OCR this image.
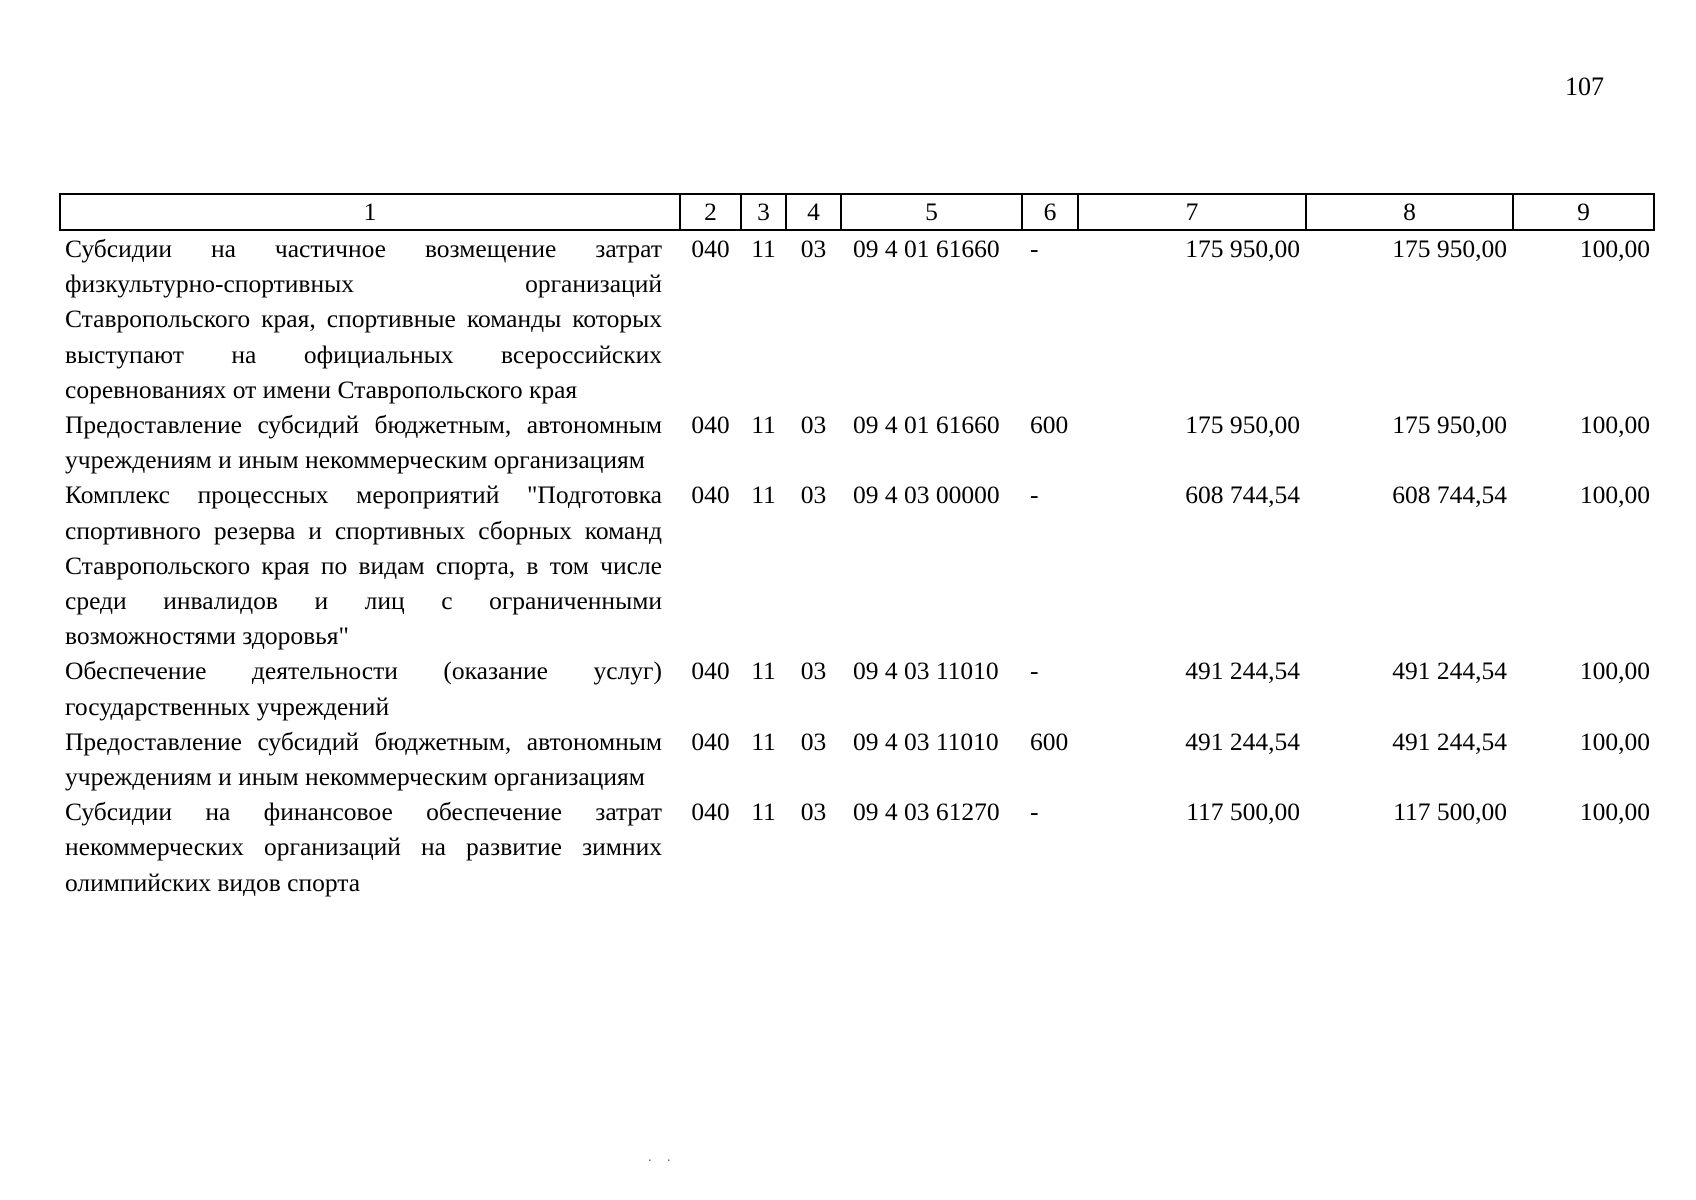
107
1	2	3	4	5	6	7	8	9
Субсидии на частичное возмещение затрат физкультурно-спортивных организаций Ставропольского края, спортивные команды которых выступают на официальных всероссийских соревнованиях от имени Ставропольского края	040	11	03	09 4 01 61660	-	175 950,00	175 950,00	100,00
Предоставление субсидий бюджетным, автономным учреждениям и иным некоммерческим организациям	040	11	03	09 4 01 61660	600	175 950,00	175 950,00	100,00
Комплекс процессных мероприятий "Подготовка спортивного резерва и спортивных сборных команд Ставропольского края по видам спорта, в том числе среди инвалидов и лиц с ограниченными возможностями здоровья"	040	11	03	09 4 03 00000	-	608 744,54	608 744,54	100,00
Обеспечение деятельности (оказание услуг) государственных учреждений	040	11	03	09 4 03 11010	-	491 244,54	491 244,54	100,00
Предоставление субсидий бюджетным, автономным учреждениям и иным некоммерческим организациям	040	11	03	09 4 03 11010	600	491 244,54	491 244,54	100,00
Субсидии на финансовое обеспечение затрат некоммерческих организаций на развитие зимних олимпийских видов спорта	040	11	03	09 4 03 61270	-	117 500,00	117 500,00	100,00
. .
